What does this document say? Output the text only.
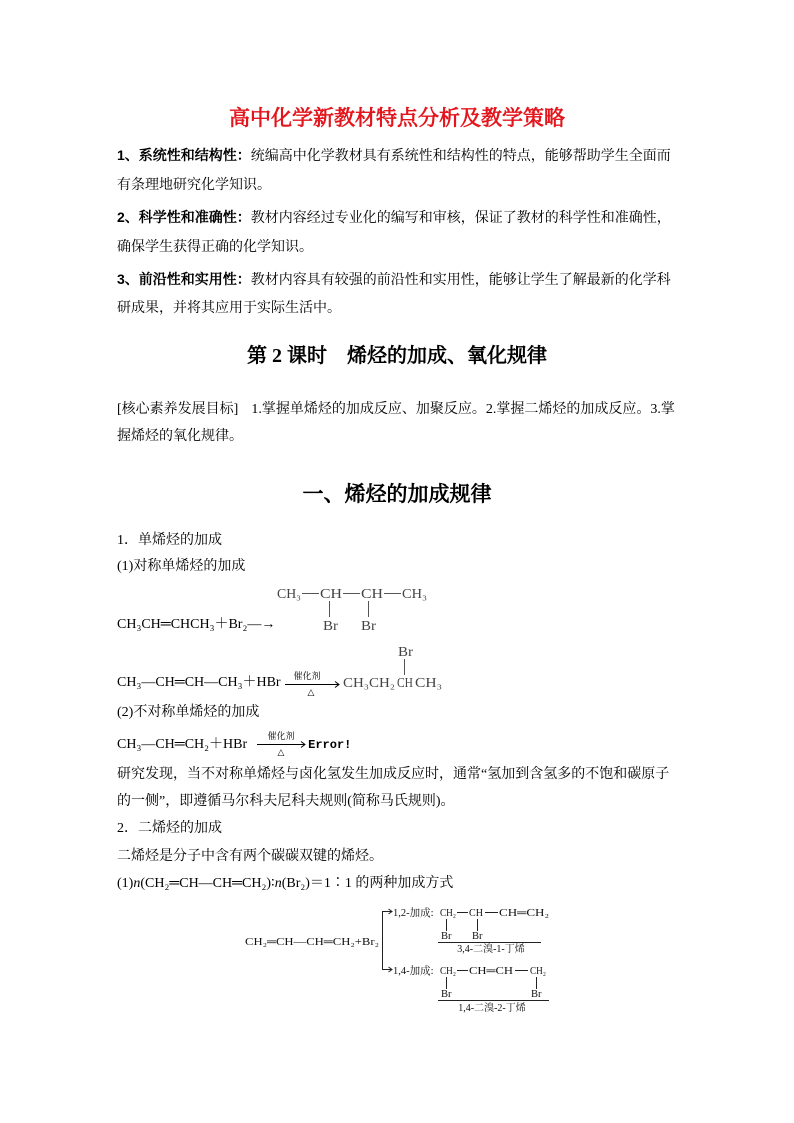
高中化学新教材特点分析及教学策略
1、系统性和结构性：统编高中化学教材具有系统性和结构性的特点，能够帮助学生全面而
有条理地研究化学知识。
2、科学性和准确性：教材内容经过专业化的编写和审核，保证了教材的科学性和准确性，
确保学生获得正确的化学知识。
3、前沿性和实用性：教材内容具有较强的前沿性和实用性，能够让学生了解最新的化学科
研成果，并将其应用于实际生活中。
第 2 课时　烯烃的加成、氧化规律
[核心素养发展目标] 1.掌握单烯烃的加成反应、加聚反应。2.掌握二烯烃的加成反应。3.掌
握烯烃的氧化规律。
一、烯烃的加成规律
1．单烯烃的加成
(1)对称单烯烃的加成
CH₃CH═CHCH₃＋Br₂―→
CH₃ CH CH CH₃
Br Br
CH₃—CH═CH—CH₃＋HBr 催化剂
△
Br
CH₃CH₂ CH CH₃
(2)不对称单烯烃的加成
CH₃—CH═CH₂＋HBr
催化剂
△ Error!
研究发现，当不对称单烯烃与卤化氢发生加成反应时，通常“氢加到含氢多的不饱和碳原子
的一侧”，即遵循马尔科夫尼科夫规则(简称马氏规则)。
2．二烯烃的加成
二烯烃是分子中含有两个碳碳双键的烯烃。
(1)n(CH₂═CH—CH═CH₂)∶n(Br₂)＝1∶1 的两种加成方式
CH₂═CH—CH═CH₂+Br₂
1,2-加成: CH₂ CH CH═CH₂
Br Br
3,4-二溴-1-丁烯
1,4-加成: CH₂ CH═CH CH₂
Br	Br
1,4-二溴-2-丁烯
